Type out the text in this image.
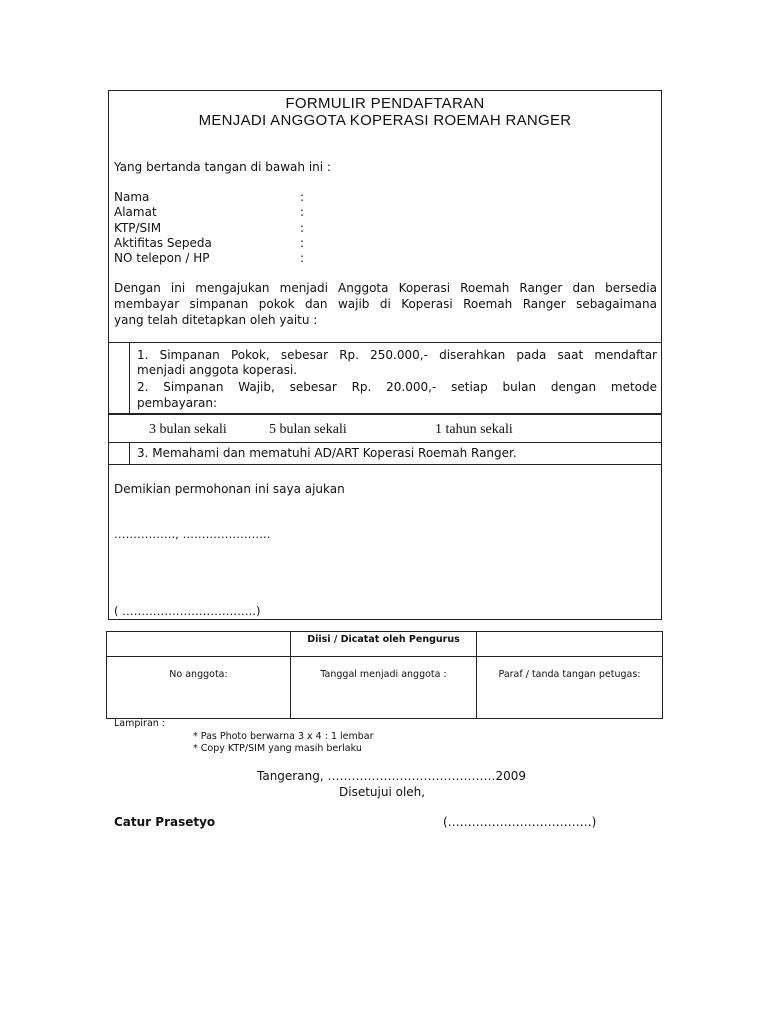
FORMULIR PENDAFTARAN
MENJADI ANGGOTA KOPERASI ROEMAH RANGER
Yang bertanda tangan di bawah ini :
Nama	:
Alamat	:
KTP/SIM	:
Aktifitas Sepeda	:
NO telepon / HP	:
Dengan ini mengajukan menjadi Anggota Koperasi Roemah Ranger dan bersedia
membayar simpanan pokok dan wajib di Koperasi Roemah Ranger sebagaimana
yang telah ditetapkan oleh yaitu :
1. Simpanan Pokok, sebesar Rp. 250.000,- diserahkan pada saat mendaftar
menjadi anggota koperasi.
2. Simpanan Wajib, sebesar Rp. 20.000,- setiap bulan dengan metode
pembayaran:
3 bulan sekali	5 bulan sekali	1 tahun sekali
3. Memahami dan mematuhi AD/ART Koperasi Roemah Ranger.
Demikian permohonan ini saya ajukan
……………., …………………..
( ……………………………..)
	Diisi / Dicatat oleh Pengurus	
No anggota:	Tanggal menjadi anggota :	Paraf / tanda tangan petugas:
Lampiran :
* Pas Photo berwarna 3 x 4 : 1 lembar
* Copy KTP/SIM yang masih berlaku
Tangerang, ……………………………………2009
Disetujui oleh,
Catur Prasetyo	(………………………………)
